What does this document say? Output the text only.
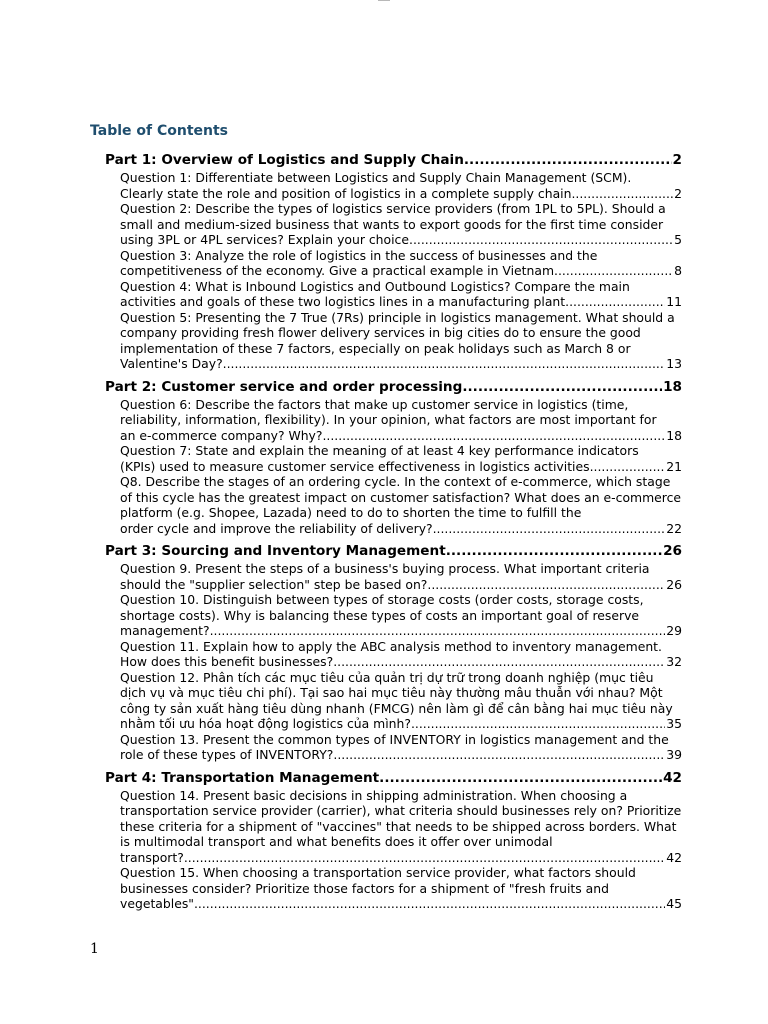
Table of Contents
Part 1: Overview of Logistics and Supply Chain .....	2
Question 1: Differentiate between Logistics and Supply Chain Management (SCM).
Clearly state the role and position of logistics in a complete supply chain .....	2
Question 2: Describe the types of logistics service providers (from 1PL to 5PL). Should a small and medium-sized business that wants to export goods for the first time consider
using 3PL or 4PL services? Explain your choice .....	5
Question 3: Analyze the role of logistics in the success of businesses and the
competitiveness of the economy. Give a practical example in Vietnam .....	8
Question 4: What is Inbound Logistics and Outbound Logistics? Compare the main
activities and goals of these two logistics lines in a manufacturing plant .....	11
Question 5: Presenting the 7 True (7Rs) principle in logistics management. What should a company providing fresh flower delivery services in big cities do to ensure the good implementation of these 7 factors, especially on peak holidays such as March 8 or
Valentine's Day? .....	13
Part 2: Customer service and order processing .....	18
Question 6: Describe the factors that make up customer service in logistics (time, reliability, information, flexibility). In your opinion, what factors are most important for
an e-commerce company? Why? .....	18
Question 7: State and explain the meaning of at least 4 key performance indicators
(KPIs) used to measure customer service effectiveness in logistics activities .....	21
Q8. Describe the stages of an ordering cycle. In the context of e-commerce, which stage of this cycle has the greatest impact on customer satisfaction? What does an e-commerce platform (e.g. Shopee, Lazada) need to do to shorten the time to fulfill the
order cycle and improve the reliability of delivery? .....	22
Part 3: Sourcing and Inventory Management .....	26
Question 9. Present the steps of a business's buying process. What important criteria
should the "supplier selection" step be based on? .....	26
Question 10. Distinguish between types of storage costs (order costs, storage costs, shortage costs). Why is balancing these types of costs an important goal of reserve
management? .....	29
Question 11. Explain how to apply the ABC analysis method to inventory management.
How does this benefit businesses? .....	32
Question 12. Phân tích các mục tiêu của quản trị dự trữ trong doanh nghiệp (mục tiêu dịch vụ và mục tiêu chi phí). Tại sao hai mục tiêu này thường mâu thuẫn với nhau? Một công ty sản xuất hàng tiêu dùng nhanh (FMCG) nên làm gì để cân bằng hai mục tiêu này
nhằm tối ưu hóa hoạt động logistics của mình? .....	35
Question 13. Present the common types of INVENTORY in logistics management and the
role of these types of INVENTORY? .....	39
Part 4: Transportation Management .....	42
Question 14. Present basic decisions in shipping administration. When choosing a transportation service provider (carrier), what criteria should businesses rely on? Prioritize these criteria for a shipment of "vaccines" that needs to be shipped across borders. What is multimodal transport and what benefits does it offer over unimodal
transport? .....	42
Question 15. When choosing a transportation service provider, what factors should businesses consider? Prioritize those factors for a shipment of "fresh fruits and
vegetables" .....	45
1
